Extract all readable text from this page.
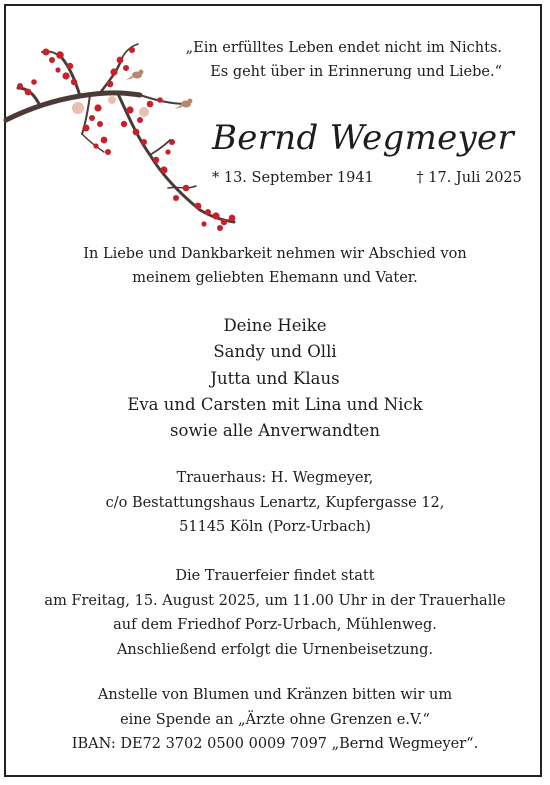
„Ein erfülltes Leben endet nicht im Nichts.
Es geht über in Erinnerung und Liebe.“
Bernd Wegmeyer
* 13. September 1941	† 17. Juli 2025
In Liebe und Dankbarkeit nehmen wir Abschied von
meinem geliebten Ehemann und Vater.
Deine Heike
Sandy und Olli
Jutta und Klaus
Eva und Carsten mit Lina und Nick
sowie alle Anverwandten
Trauerhaus: H. Wegmeyer,
c/o Bestattungshaus Lenartz, Kupfergasse 12,
51145 Köln (Porz-Urbach)
Die Trauerfeier findet statt
am Freitag, 15. August 2025, um 11.00 Uhr in der Trauerhalle
auf dem Friedhof Porz-Urbach, Mühlenweg.
Anschließend erfolgt die Urnenbeisetzung.
Anstelle von Blumen und Kränzen bitten wir um
eine Spende an „Ärzte ohne Grenzen e.V.“
IBAN: DE72 3702 0500 0009 7097 „Bernd Wegmeyer“.
